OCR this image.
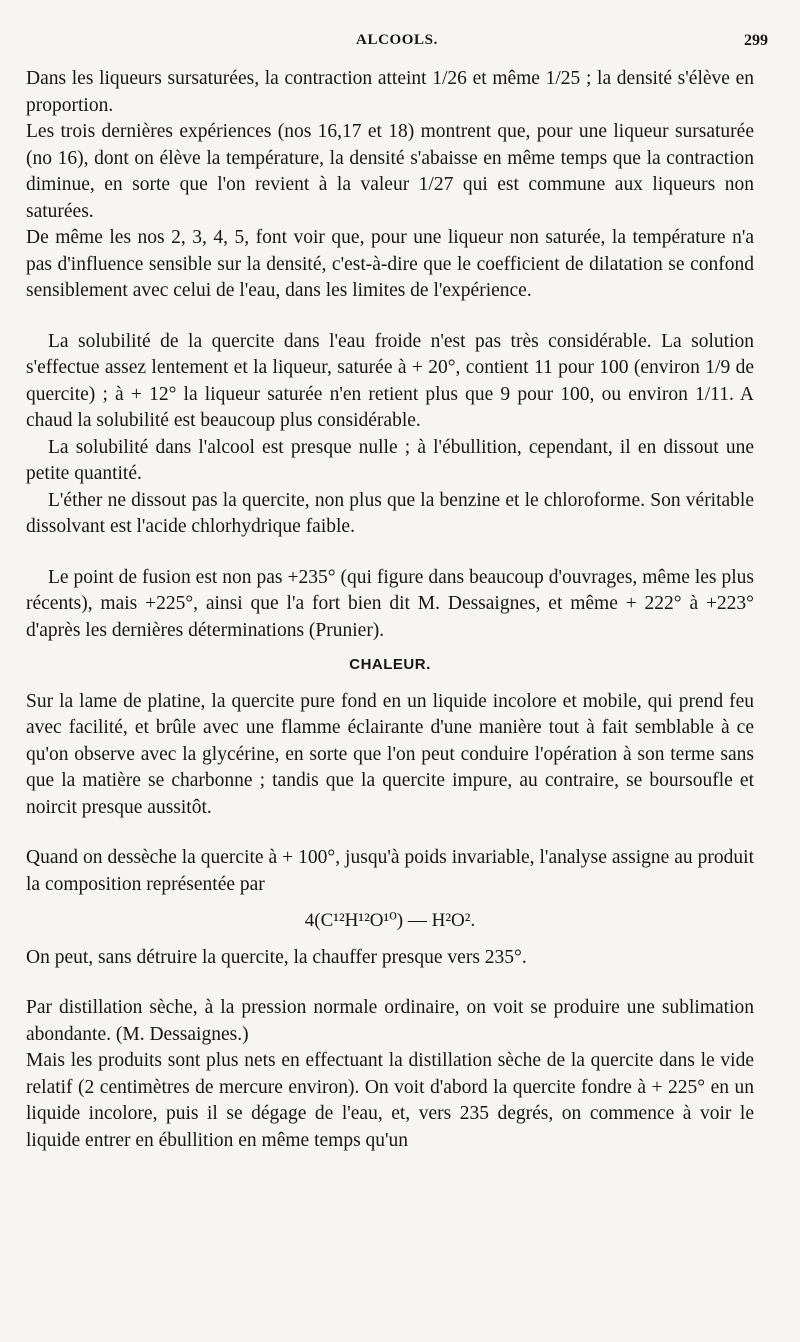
ALCOOLS.	299

Dans les liqueurs sursaturées, la contraction atteint 1/26 et même 1/25 ; la densité s'élève en proportion.

Les trois dernières expériences (nos 16,17 et 18) montrent que, pour une liqueur sursaturée (no 16), dont on élève la température, la densité s'abaisse en même temps que la contraction diminue, en sorte que l'on revient à la valeur 1/27 qui est commune aux liqueurs non saturées.

De même les nos 2, 3, 4, 5, font voir que, pour une liqueur non saturée, la température n'a pas d'influence sensible sur la densité, c'est-à-dire que le coefficient de dilatation se confond sensiblement avec celui de l'eau, dans les limites de l'expérience.

La solubilité de la quercite dans l'eau froide n'est pas très considérable. La solution s'effectue assez lentement et la liqueur, saturée à + 20°, contient 11 pour 100 (environ 1/9 de quercite) ; à + 12° la liqueur saturée n'en retient plus que 9 pour 100, ou environ 1/11. A chaud la solubilité est beaucoup plus considérable.

La solubilité dans l'alcool est presque nulle ; à l'ébullition, cependant, il en dissout une petite quantité.

L'éther ne dissout pas la quercite, non plus que la benzine et le chloroforme. Son véritable dissolvant est l'acide chlorhydrique faible.

Le point de fusion est non pas +235° (qui figure dans beaucoup d'ouvrages, même les plus récents), mais +225°, ainsi que l'a fort bien dit M. Dessaignes, et même + 222° à +223° d'après les dernières déterminations (Prunier).

CHALEUR.

Sur la lame de platine, la quercite pure fond en un liquide incolore et mobile, qui prend feu avec facilité, et brûle avec une flamme éclairante d'une manière tout à fait semblable à ce qu'on observe avec la glycérine, en sorte que l'on peut conduire l'opération à son terme sans que la matière se charbonne ; tandis que la quercite impure, au contraire, se boursoufle et noircit presque aussitôt.

Quand on dessèche la quercite à + 100°, jusqu'à poids invariable, l'analyse assigne au produit la composition représentée par

4(C¹²H¹²O¹⁰) — H²O².

On peut, sans détruire la quercite, la chauffer presque vers 235°.

Par distillation sèche, à la pression normale ordinaire, on voit se produire une sublimation abondante. (M. Dessaignes.)

Mais les produits sont plus nets en effectuant la distillation sèche de la quercite dans le vide relatif (2 centimètres de mercure environ). On voit d'abord la quercite fondre à + 225° en un liquide incolore, puis il se dégage de l'eau, et, vers 235 degrés, on commence à voir le liquide entrer en ébullition en même temps qu'un
